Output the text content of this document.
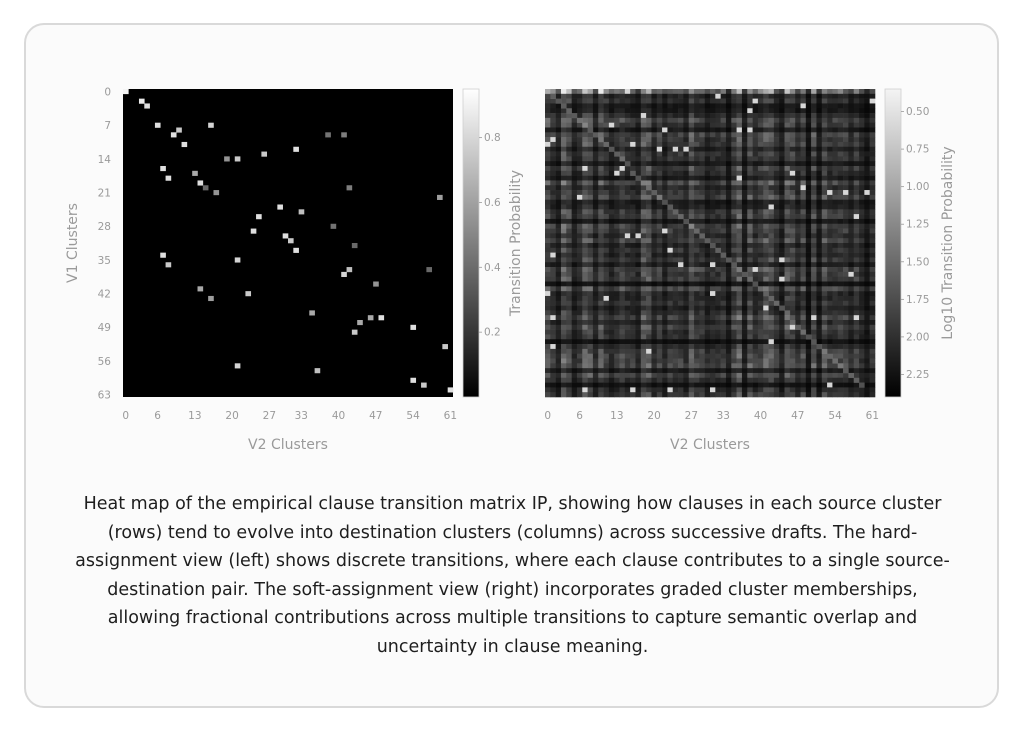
0.2
0.4
0.6
0.8
Transition Probability
0.50
0.75
1.00
1.25
1.50
1.75
2.00
2.25
Log10 Transition Probability
0 6	13 20 27 33 40 47 54 61	0 6	13 20 27 33 40 47 54 61
0
7
14
21
28
35
42
49
56
63
V2 Clusters	V2 Clusters
V1 Clusters

Heat map of the empirical clause transition matrix IP, showing how clauses in each source cluster (rows) tend to evolve into destination clusters (columns) across successive drafts. The hard-assignment view (left) shows discrete transitions, where each clause contributes to a single source-destination pair. The soft-assignment view (right) incorporates graded cluster memberships, allowing fractional contributions across multiple transitions to capture semantic overlap and uncertainty in clause meaning.
